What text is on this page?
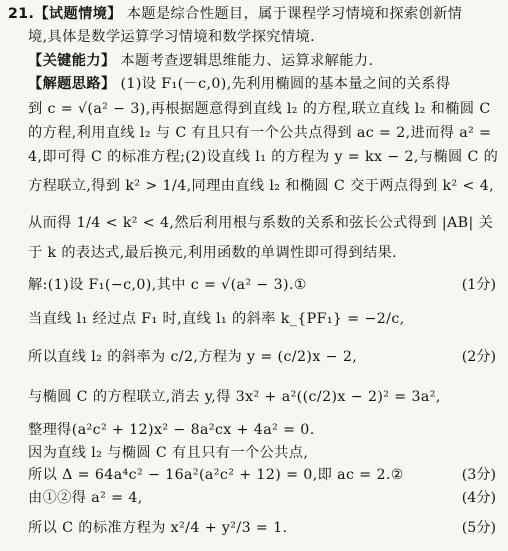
21.【试题情境】 本题是综合性题目，属于课程学习情境和探索创新情
境,具体是数学运算学习情境和数学探究情境.
【关键能力】 本题考查逻辑思维能力、运算求解能力.
【解题思路】 (1)设 F₁(－c,0),先利用椭圆的基本量之间的关系得
到 c = √(a² − 3),再根据题意得到直线 l₂ 的方程,联立直线 l₂ 和椭圆 C
的方程,利用直线 l₂ 与 C 有且只有一个公共点得到 ac = 2,进而得 a² =
4,即可得 C 的标准方程;(2)设直线 l₁ 的方程为 y = kx − 2,与椭圆 C 的
方程联立,得到 k² > 1/4,同理由直线 l₂ 和椭圆 C 交于两点得到 k² < 4,
从而得 1/4 < k² < 4,然后利用根与系数的关系和弦长公式得到 |AB| 关
于 k 的表达式,最后换元,利用函数的单调性即可得到结果.
解:(1)设 F₁(−c,0),其中 c = √(a² − 3).①	(1分)
当直线 l₁ 经过点 F₁ 时,直线 l₁ 的斜率 k_{PF₁} = −2/c,
所以直线 l₂ 的斜率为 c/2,方程为 y = (c/2)x − 2,	(2分)
与椭圆 C 的方程联立,消去 y,得 3x² + a²((c/2)x − 2)² = 3a²,
整理得(a²c² + 12)x² − 8a²cx + 4a² = 0.
因为直线 l₂ 与椭圆 C 有且只有一个公共点,
所以 Δ = 64a⁴c² − 16a²(a²c² + 12) = 0,即 ac = 2.②	(3分)
由①②得 a² = 4,	(4分)
所以 C 的标准方程为 x²/4 + y²/3 = 1.	(5分)
